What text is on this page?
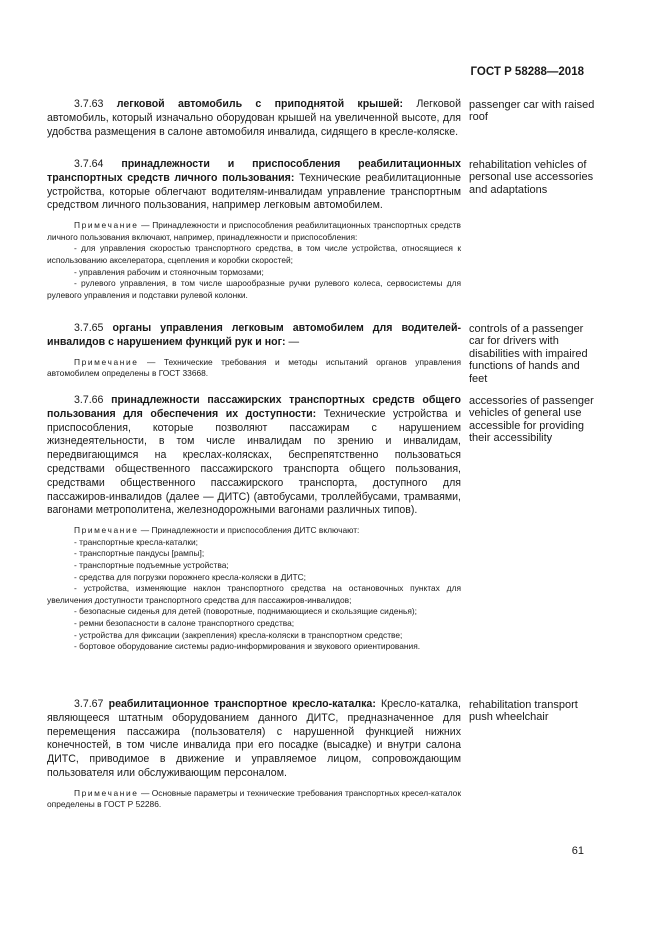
ГОСТ Р 58288—2018

3.7.63 легковой автомобиль с приподнятой крышей: Легковой автомобиль, который изначально оборудован крышей на увеличенной высоте, для удобства размещения в салоне автомобиля инвалида, сидящего в кресле-коляске.

passenger car with raised roof

3.7.64 принадлежности и приспособления реабилитационных транспортных средств личного пользования: Технические реабилитационные устройства, которые облегчают водителям-инвалидам управление транспортным средством личного пользования, например легковым автомобилем.

Примечание — Принадлежности и приспособления реабилитационных транспортных средств личного пользования включают, например, принадлежности и приспособления:
- для управления скоростью транспортного средства, в том числе устройства, относящиеся к использованию акселератора, сцепления и коробки скоростей;
- управления рабочим и стояночным тормозами;
- рулевого управления, в том числе шарообразные ручки рулевого колеса, сервосистемы для рулевого управления и подставки рулевой колонки.
rehabilitation vehicles of personal use accessories and adaptations

3.7.65 органы управления легковым автомобилем для водителей-инвалидов с нарушением функций рук и ног: —

Примечание — Технические требования и методы испытаний органов управления автомобилем определены в ГОСТ 33668.
controls of a passenger car for drivers with disabilities with impaired functions of hands and feet

3.7.66 принадлежности пассажирских транспортных средств общего пользования для обеспечения их доступности: Технические устройства и приспособления, которые позволяют пассажирам с нарушением жизнедеятельности, в том числе инвалидам по зрению и инвалидам, передвигающимся на креслах-колясках, беспрепятственно пользоваться средствами общественного пассажирского транспорта общего пользования, средствами общественного пассажирского транспорта, доступного для пассажиров-инвалидов (далее — ДИТС) (автобусами, троллейбусами, трамваями, вагонами метрополитена, железнодорожными вагонами различных типов).

Примечание — Принадлежности и приспособления ДИТС включают:
- транспортные кресла-каталки;
- транспортные пандусы [рампы];
- транспортные подъемные устройства;
- средства для погрузки порожнего кресла-коляски в ДИТС;
- устройства, изменяющие наклон транспортного средства на остановочных пунктах для увеличения доступности транспортного средства для пассажиров-инвалидов;
- безопасные сиденья для детей (поворотные, поднимающиеся и скользящие сиденья);
- ремни безопасности в салоне транспортного средства;
- устройства для фиксации (закрепления) кресла-коляски в транспортном средстве;
- бортовое оборудование системы радио-информирования и звукового ориентирования.
accessories of passenger vehicles of general use accessible for providing their accessibility

3.7.67 реабилитационное транспортное кресло-каталка: Кресло-каталка, являющееся штатным оборудованием данного ДИТС, предназначенное для перемещения пассажира (пользователя) с нарушенной функцией нижних конечностей, в том числе инвалида при его посадке (высадке) и внутри салона ДИТС, приводимое в движение и управляемое лицом, сопровождающим пользователя или обслуживающим персоналом.

Примечание — Основные параметры и технические требования транспортных кресел-каталок определены в ГОСТ Р 52286.
rehabilitation transport push wheelchair
61
